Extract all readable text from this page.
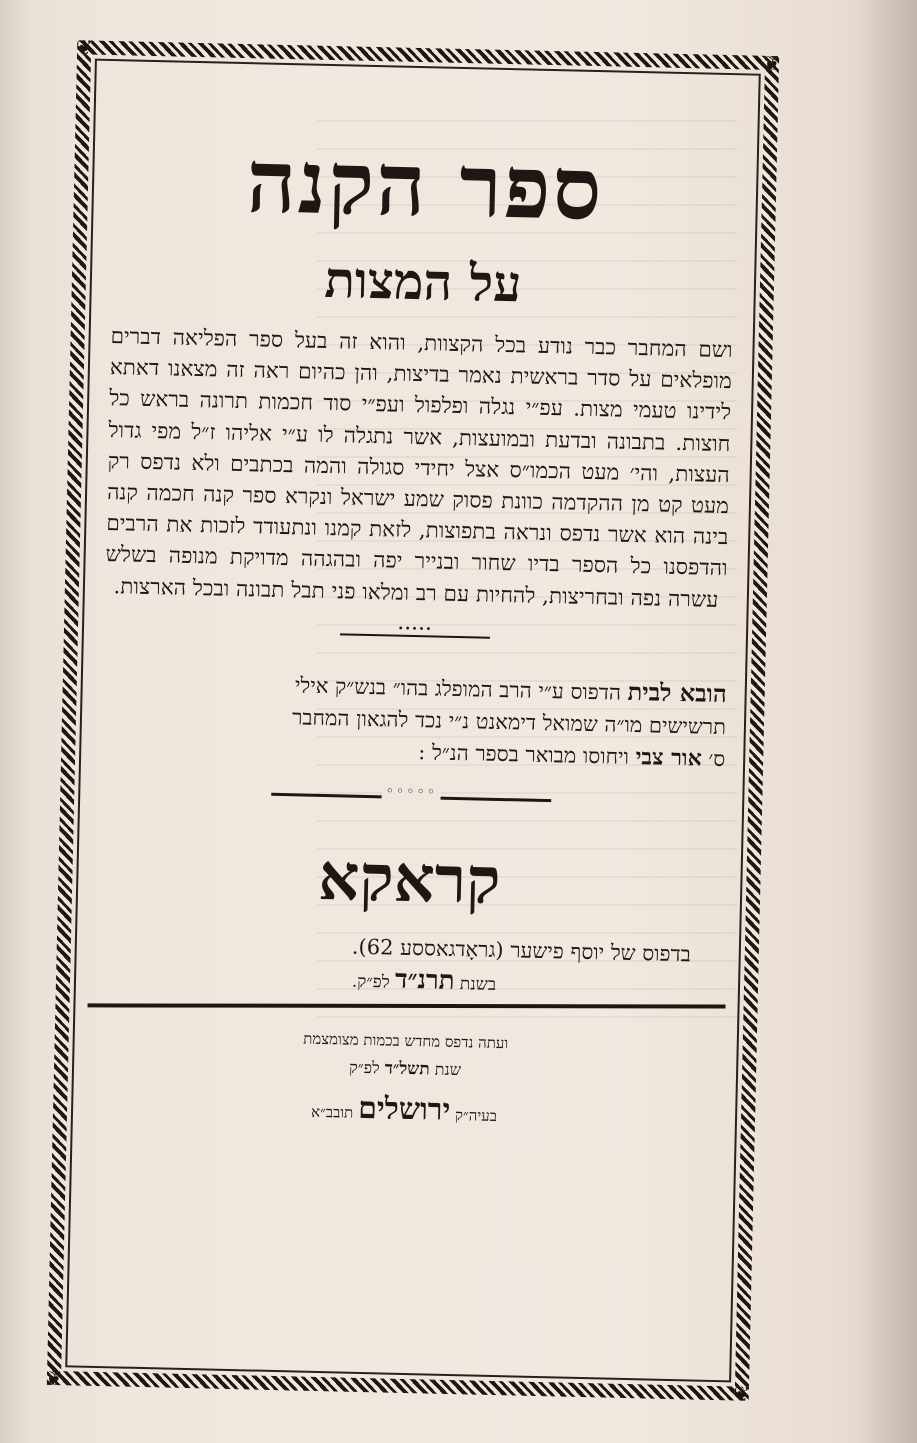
❦
❦
❦
❦
ספר הקנה
על המצות

ושם המחבר כבר נודע בכל הקצוות, והוא זה בעל ספר הפליאה דברים מופלאים על סדר בראשית נאמר בדיצות, והן כהיום ראה זה מצאנו דאתא לידינו טעמי מצות. עפ״י נגלה ופלפול ועפ״י סוד חכמות תרונה בראש כל חוצות. בתבונה ובדעת ובמועצות, אשר נתגלה לו ע״י אליהו ז״ל מפי גדול העצות, והי׳ מעט הכמו״ס אצל יחידי סגולה והמה בכתבים ולא נדפס רק מעט קט מן ההקדמה כוונת פסוק שמע ישראל ונקרא ספר קנה חכמה קנה בינה הוא אשר נדפס ונראה בתפוצות, לזאת קמנו ונתעודד לזכות את הרבים והדפסנו כל הספר בדיו שחור ובנייר יפה ובהגהה מדויקת מנופה בשלש עשרה נפה ובחריצות, להחיות עם רב ומלאו פני תבל תבונה ובכל הארצות.

•••••

הובא לבית הדפוס ע״י הרב המופלג בהו״ בנש״ק אילי
תרשישים מו״ה שמואל דימאנט נ״י נכד להגאון המחבר
ס׳ אור צבי ויחוסו מבואר בספר הנ״ל :

◦◦◦◦◦
קראקא

בדפוס של יוסף פישער (גראָדגאססע 62).

בשנת תרנ״ד לפ״ק.

ועתה נדפס מחדש בכמות מצומצמת

שנת תשל״ד לפ״ק

בעיה״ק ירושלים תובב״א
